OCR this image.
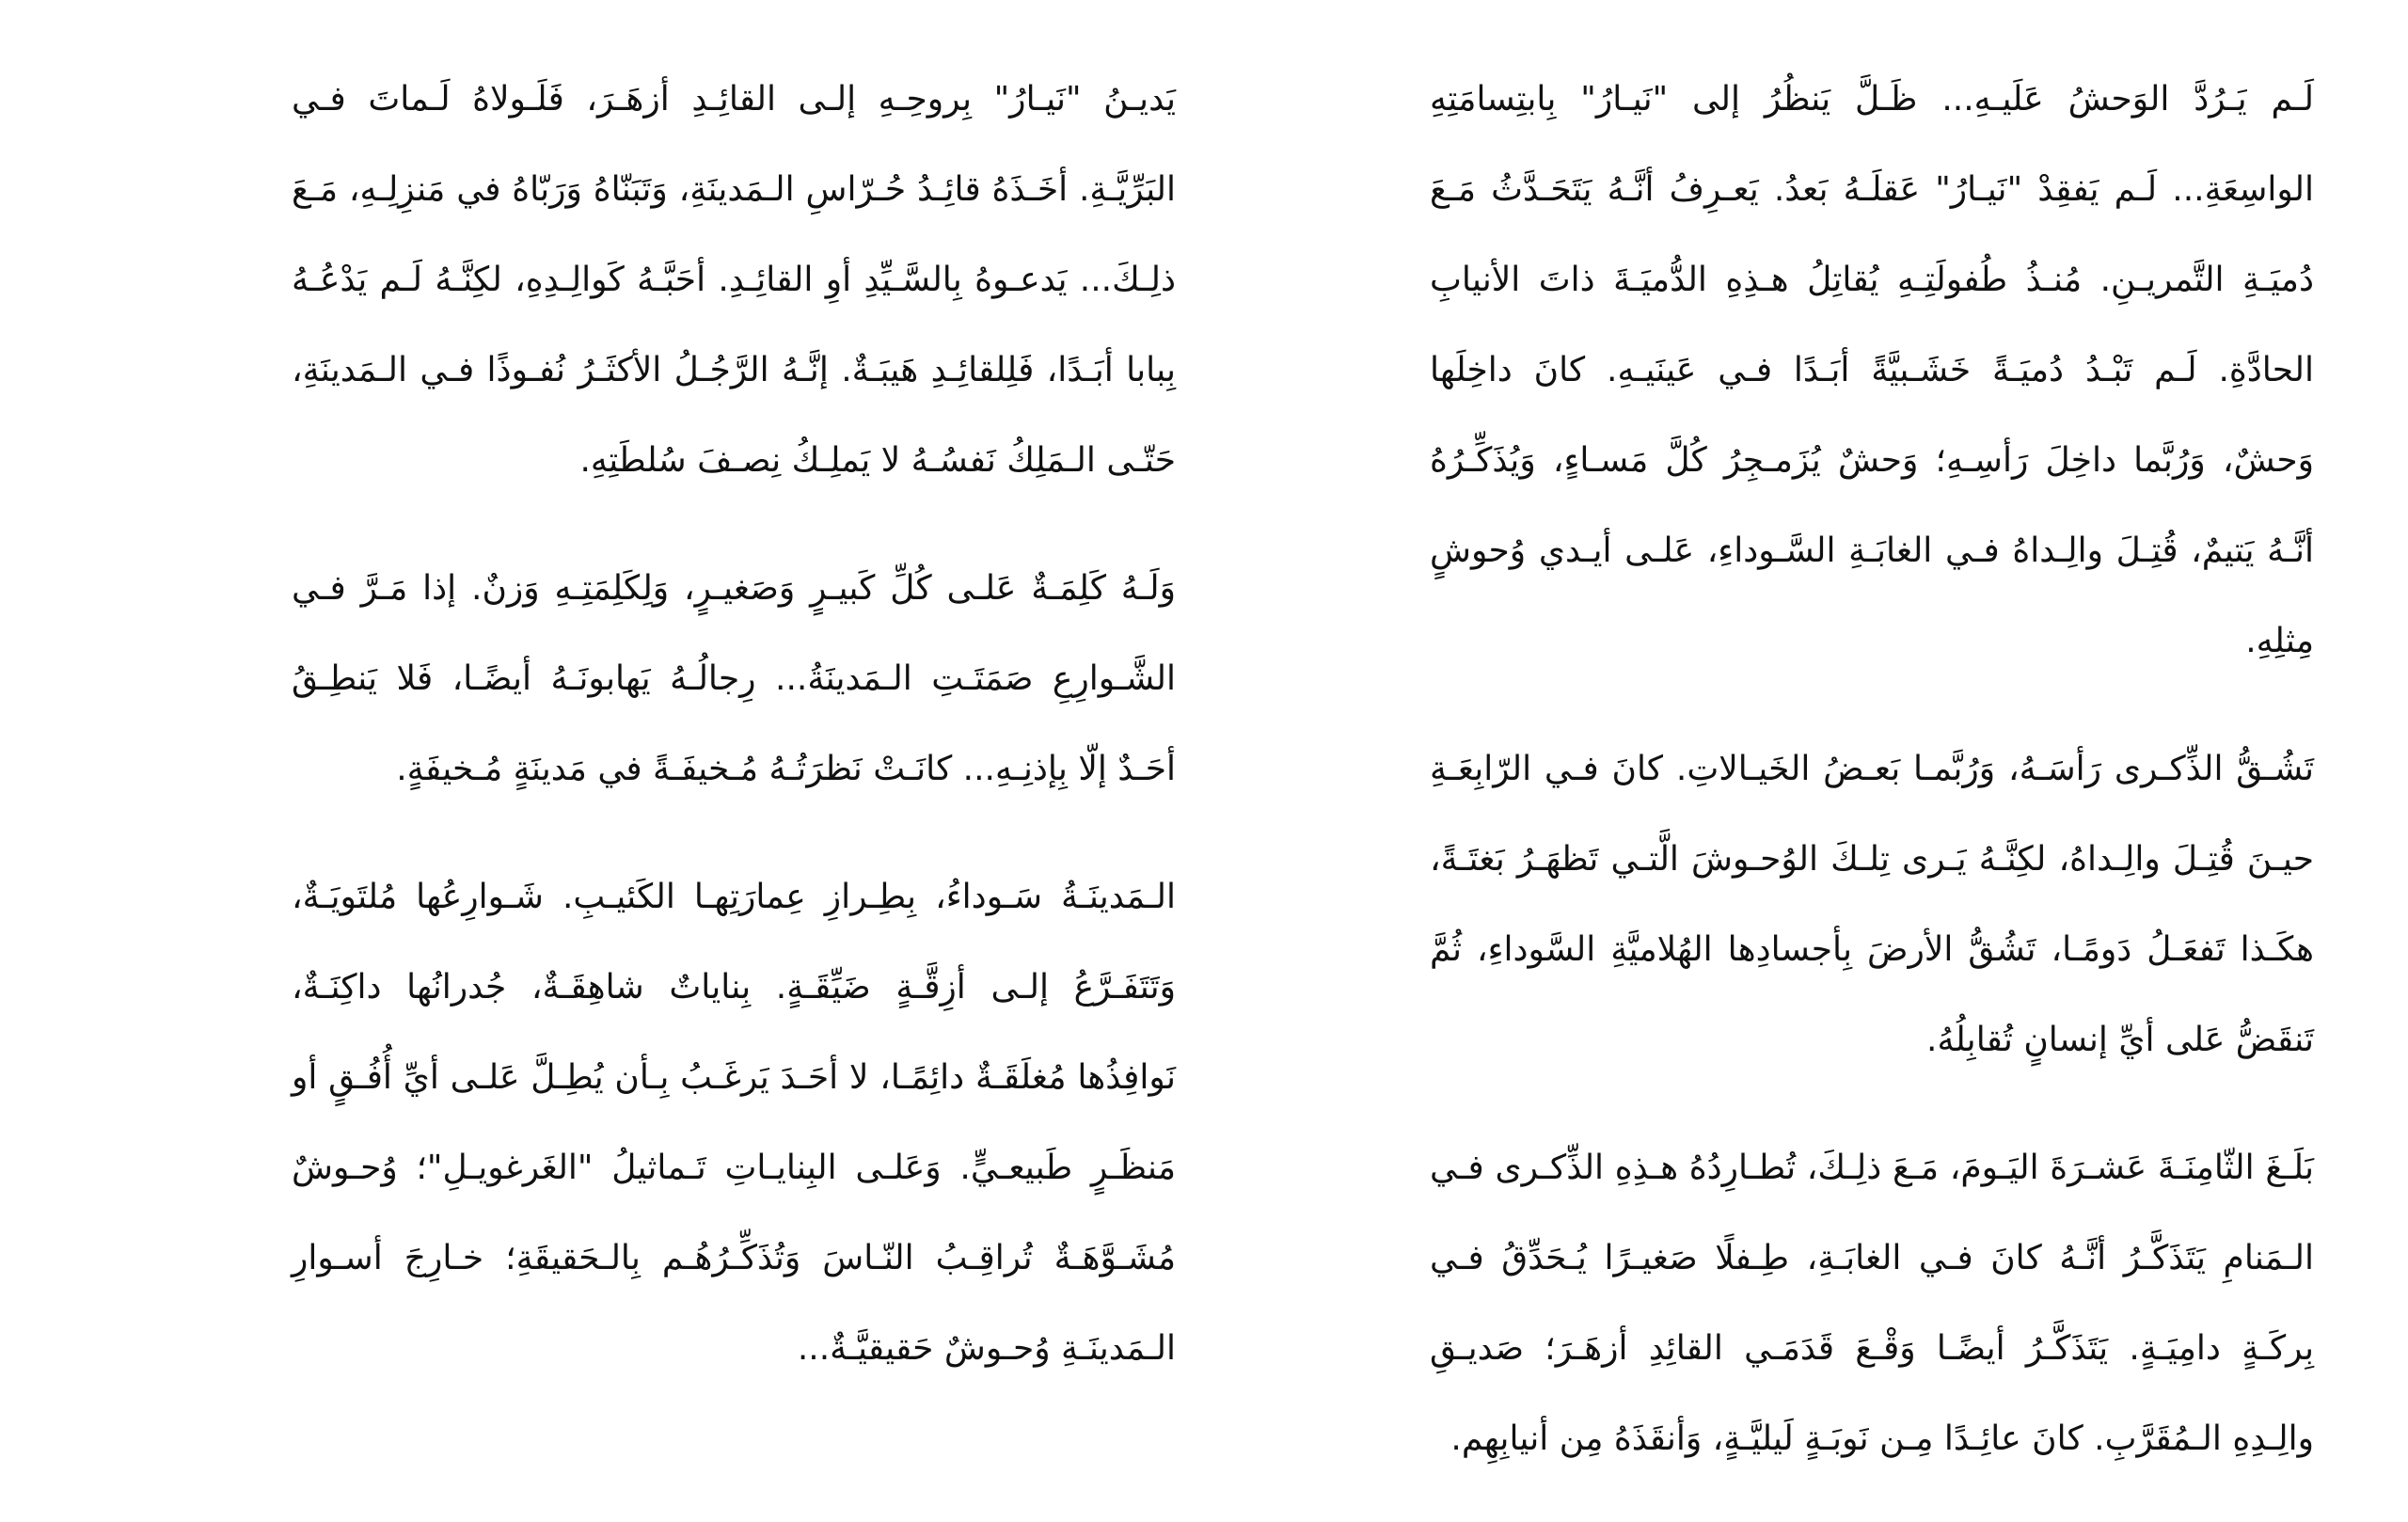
لَـم يَـرُدَّ الوَحشُ عَلَيـهِ... ظَـلَّ يَنظُرُ إلى "نَيـارُ" بِابتِسامَتِهِ الواسِعَةِ... لَـم يَفقِدْ "نَيـارُ" عَقلَـهُ بَعدُ. يَعـرِفُ أنَّـهُ يَتَحَـدَّثُ مَـعَ دُميَـةِ التَّمريـنِ. مُنـذُ طُفولَتِـهِ يُقاتِلُ هـذِهِ الدُّميَـةَ ذاتَ الأنيابِ الحادَّةِ. لَـم تَبْـدُ دُميَـةً خَشَـبيَّةً أبَـدًا فـي عَينَيـهِ. كانَ داخِلَها وَحشٌ، وَرُبَّما داخِلَ رَأسِـهِ؛ وَحشٌ يُزَمـجِرُ كُلَّ مَسـاءٍ، وَيُذَكِّـرُهُ أنَّـهُ يَتيمٌ، قُتِـلَ والِـداهُ فـي الغابَـةِ السَّـوداءِ، عَلـى أيـدي وُحوشٍ مِثلِهِ.

تَشُـقُّ الذِّكـرى رَأسَـهُ، وَرُبَّمـا بَعـضُ الخَيـالاتِ. كانَ فـي الرّابِعَـةِ حيـنَ قُتِـلَ والِـداهُ، لكِنَّـهُ يَـرى تِلـكَ الوُحـوشَ الَّتـي تَظهَـرُ بَغتَـةً، هكَـذا تَفعَـلُ دَومًـا، تَشُقُّ الأرضَ بِأجسادِها الهُلاميَّةِ السَّوداءِ، ثُمَّ تَنقَضُّ عَلى أيِّ إنسانٍ تُقابِلُهُ.

بَلَـغَ الثّامِنَـةَ عَشـرَةَ اليَـومَ، مَـعَ ذلِـكَ، تُطـارِدُهُ هـذِهِ الذِّكـرى فـي الـمَنامِ يَتَذَكَّـرُ أنَّـهُ كانَ فـي الغابَـةِ، طِـفلًا صَغيـرًا يُـحَدِّقُ فـي بِركَـةٍ دامِيَـةٍ. يَتَذَكَّـرُ أيضًـا وَقْـعَ قَدَمَـي القائِدِ أزهَـرَ؛ صَديـقِ والِـدِهِ الـمُقَرَّبِ. كانَ عائِـدًا مِـن نَوبَـةٍ لَيليَّـةٍ، وَأنقَذَهُ مِن أنيابِهِم.

يَديـنُ "نَيـارُ" بِروحِـهِ إلـى القائِـدِ أزهَـرَ، فَلَـولاهُ لَـماتَ فـي البَرِّيَّـةِ. أخَـذَهُ قائِـدُ حُـرّاسِ الـمَدينَةِ، وَتَبَنّاهُ وَرَبّاهُ في مَنزِلِـهِ، مَـعَ ذلِـكَ... يَدعـوهُ بِالسَّـيِّدِ أوِ القائِـدِ. أحَبَّـهُ كَوالِـدِهِ، لكِنَّـهُ لَـم يَدْعُـهُ بِبابا أبَـدًا، فَلِلقائِـدِ هَيبَـةٌ. إنَّـهُ الرَّجُـلُ الأكثَـرُ نُفـوذًا فـي الـمَدينَةِ، حَتّـى الـمَلِكُ نَفسُـهُ لا يَملِـكُ نِصـفَ سُلطَتِهِ.

وَلَـهُ كَلِمَـةٌ عَلـى كُلِّ كَبيـرٍ وَصَغيـرٍ، وَلِكَلِمَتِـهِ وَزنٌ. إذا مَـرَّ فـي الشَّـوارِعِ صَمَتَـتِ الـمَدينَةُ... رِجالُـهُ يَهابونَـهُ أيضًـا، فَلا يَنطِـقُ أحَـدٌ إلّا بِإذنِـهِ... كانَـتْ نَظرَتُـهُ مُـخيفَـةً في مَدينَةٍ مُـخيفَةٍ.

الـمَدينَـةُ سَـوداءُ، بِطِـرازِ عِمارَتِهـا الكَئيـبِ. شَـوارِعُها مُلتَويَـةٌ، وَتَتَفَـرَّعُ إلـى أزِقَّـةٍ ضَيِّقَـةٍ. بِناياتٌ شاهِقَـةٌ، جُدرانُها داكِنَـةٌ، نَوافِذُها مُغلَقَـةٌ دائِمًـا، لا أحَـدَ يَرغَـبُ بِـأن يُطِـلَّ عَلـى أيِّ أُفُـقٍ أو مَنظَـرٍ طَبيعـيٍّ. وَعَلـى البِنايـاتِ تَـماثيلُ "الغَرغويـلِ"؛ وُحـوشٌ مُشَـوَّهَـةٌ تُراقِـبُ النّـاسَ وَتُذَكِّـرُهُـم بِالـحَقيقَةِ؛ خـارِجَ أسـوارِ الـمَدينَـةِ وُحـوشٌ حَقيقيَّـةٌ...
